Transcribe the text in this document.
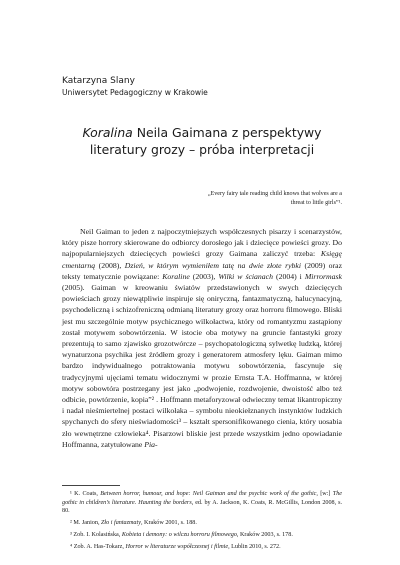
Katarzyna Slany
Uniwersytet Pedagogiczny w Krakowie
Koralina Neila Gaimana z perspektywy literatury grozy – próba interpretacji
„Every fairy tale reading child knows that wolves are a threat to little girls”¹.

Neil Gaiman to jeden z najpoczytniejszych współczesnych pisarzy i scenarzystów, który pisze horrory skierowane do odbiorcy dorosłego jak i dziecięce powieści grozy. Do najpopularniejszych dziecięcych powieści grozy Gaimana zaliczyć trzeba: Księgę cmentarną (2008), Dzień, w którym wymieniłem tatę na dwie złote rybki (2009) oraz teksty tematycznie powiązane: Koraline (2003), Wilki w ścianach (2004) i Mirrormask (2005). Gaiman w kreowaniu światów przedstawionych w swych dziecięcych powieściach grozy niewątpliwie inspiruje się oniryczną, fantazmatyczną, halucynacyjną, psychodeliczną i schizofreniczną odmianą literatury grozy oraz horroru filmowego. Bliski jest mu szczególnie motyw psychicznego wilkołactwa, który od romantyzmu zastąpiony został motywem sobowtórzenia. W istocie oba motywy na gruncie fantastyki grozy prezentują to samo zjawisko grozotwórcze – psychopatologiczną sylwetkę ludzką, której wynaturzona psychika jest źródłem grozy i generatorem atmosfery lęku. Gaiman mimo bardzo indywidualnego potraktowania motywu sobowtórzenia, fascynuje się tradycyjnymi ujęciami tematu widocznymi w prozie Ernsta T.A. Hoffmanna, w której motyw sobowtóra postrzegany jest jako „podwojenie, rozdwojenie, dwoistość albo też odbicie, powtórzenie, kopia”² . Hoffmann metaforyzował odwieczny temat likantropiczny i nadał nieśmiertelnej postaci wilkołaka – symbolu nieokiełznanych instynktów ludzkich spychanych do sfery nieświadomości³ – kształt spersonifikowanego cienia, który uosabia zło wewnętrzne człowieka⁴. Pisarzowi bliskie jest przede wszystkim jedno opowiadanie Hoffmanna, zatytułowane Pia-

¹ K. Coats, Between horror, humour, and hope: Neil Gaiman and the psychic work of the gothic, [w:] The gothic in children’s literature. Haunting the borders, ed. by A. Jackson, K. Coats, R. McGillis, London 2008, s. 80.

² M. Janion, Zło i fantazmaty, Kraków 2001, s. 188.

³ Zob. I. Kolasińska, Kobieta i demony: o wilczu horroru filmowego, Kraków 2003, s. 178.

⁴ Zob. A. Has-Tokarz, Horror w literaturze współczesnej i filmie, Lublin 2010, s. 272.
